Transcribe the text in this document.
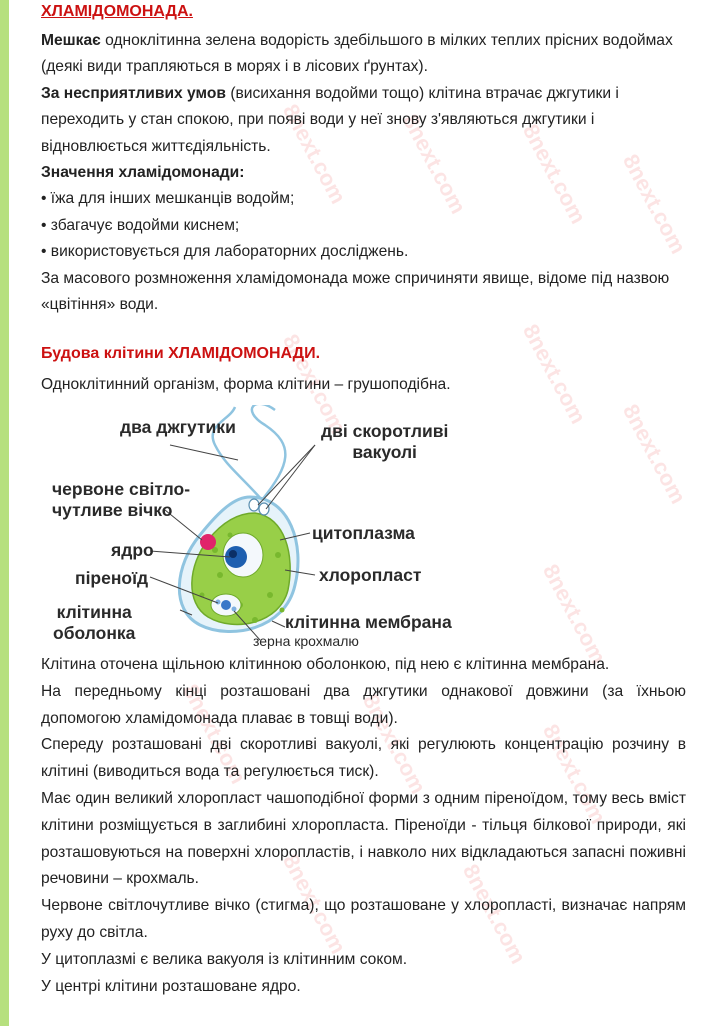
8next.com 8next.com 8next.com 8next.com
8next.com	8next.com
8next.com
8next.com
8next.com	8next.com	8next.com
8next.com	8next.com
ХЛАМІДОМОНАДА.

Мешкає одноклітинна зелена водорість здебільшого в мілких теплих прісних водоймах (деякі види трапляються в морях і в лісових ґрунтах).

За несприятливих умов (висихання водойми тощо) клітина втрачає джгутики і переходить у стан спокою, при появі води у неї знову з'являються джгутики і відновлюється життєдіяльність.

Значення хламідомонади:

• їжа для інших мешканців водойм;

• збагачує водойми киснем;

• використовується для лабораторних досліджень.

За масового розмноження хламідомонада може спричиняти явище, відоме під назвою «цвітіння» води.

Будова клітини ХЛАМІДОМОНАДИ.
Одноклітинний організм, форма клітини – грушоподібна.
два джгутики	дві скоротливі
вакуолі
червоне світло-
чутливе вічко
цитоплазма
ядро
хлоропласт
піреноїд
клітинна
оболонка
клітинна мембрана
зерна крохмалю

Клітина оточена щільною клітинною оболонкою, під нею є клітинна мембрана.

На передньому кінці розташовані два джгутики однакової довжини (за їхньою допомогою хламідомонада плаває в товщі води).

Спереду розташовані дві скоротливі вакуолі, які регулюють концентрацію розчину в клітині (виводиться вода та регулюється тиск).

Має один великий хлоропласт чашоподібної форми з одним піреноїдом, тому весь вміст клітини розміщується в заглибині хлоропласта. Піреноїди - тільця білкової природи, які розташовуються на поверхні хлоропластів, і навколо них відкладаються запасні поживні речовини – крохмаль.

Червоне світлочутливе вічко (стигма), що розташоване у хлоропласті, визначає напрям руху до світла.

У цитоплазмі є велика вакуоля із клітинним соком.

У центрі клітини розташоване ядро.
